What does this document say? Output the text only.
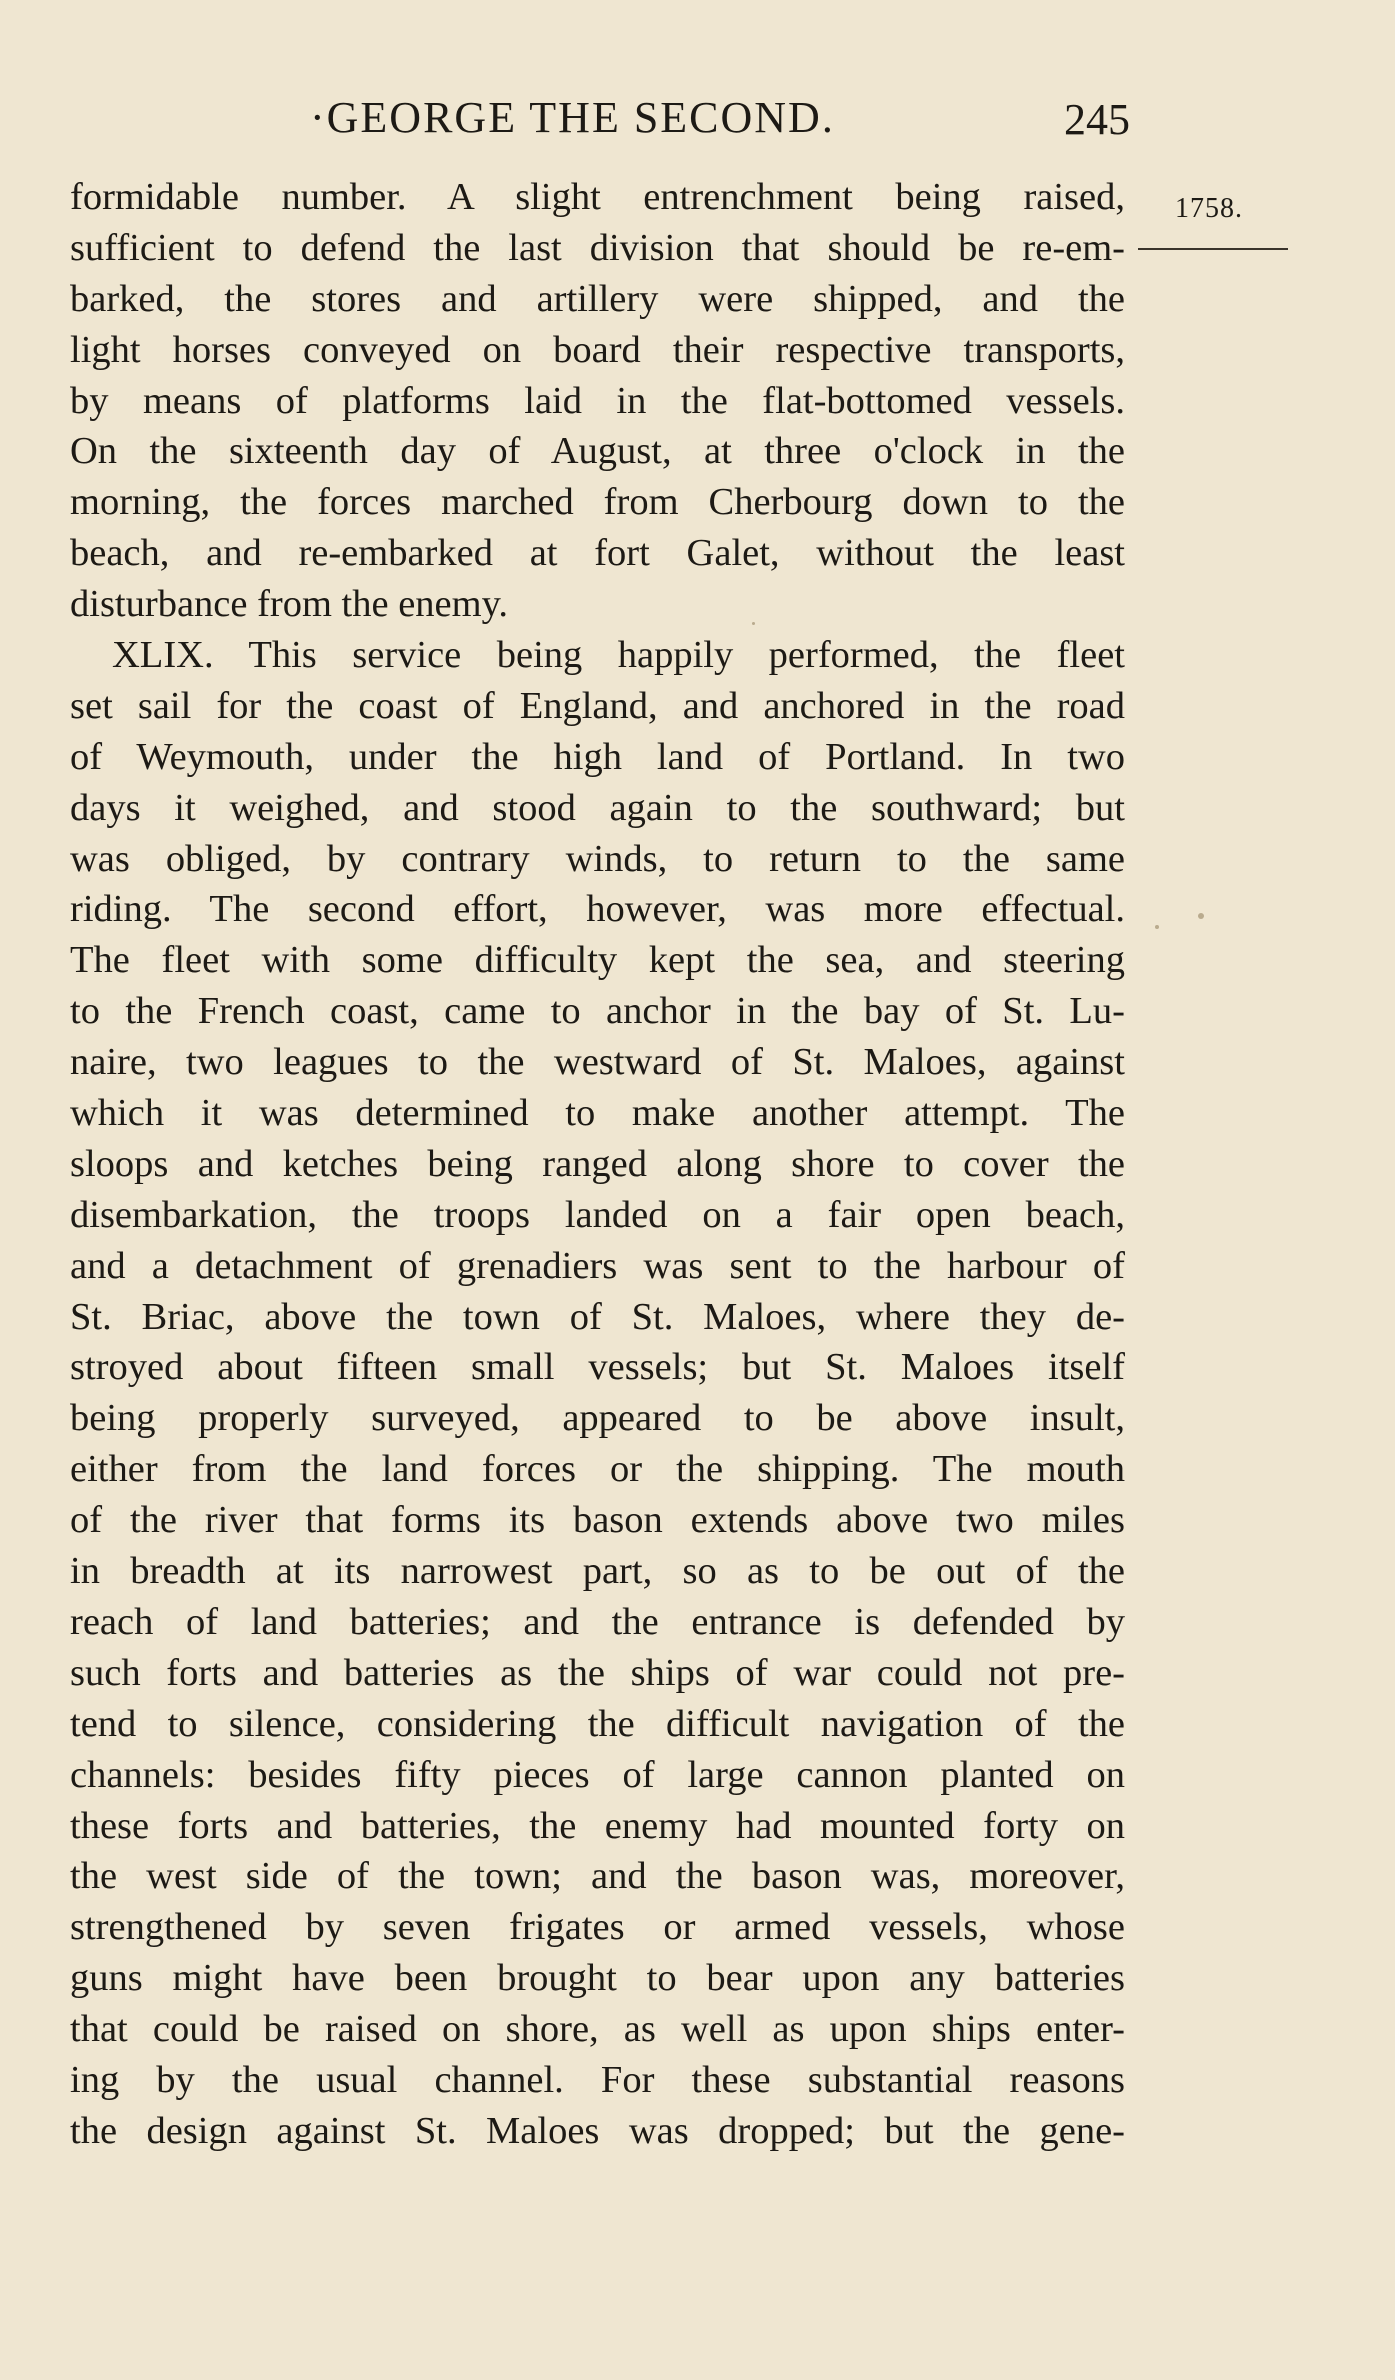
·GEORGE THE SECOND.	245
1758.
formidable number. A slight entrenchment being raised,
sufficient to defend the last division that should be re-em-
barked, the stores and artillery were shipped, and the
light horses conveyed on board their respective transports,
by means of platforms laid in the flat-bottomed vessels.
On the sixteenth day of August, at three o'clock in the
morning, the forces marched from Cherbourg down to the
beach, and re-embarked at fort Galet, without the least
disturbance from the enemy.
XLIX. This service being happily performed, the fleet
set sail for the coast of England, and anchored in the road
of Weymouth, under the high land of Portland. In two
days it weighed, and stood again to the southward; but
was obliged, by contrary winds, to return to the same
riding. The second effort, however, was more effectual.
The fleet with some difficulty kept the sea, and steering
to the French coast, came to anchor in the bay of St. Lu-
naire, two leagues to the westward of St. Maloes, against
which it was determined to make another attempt. The
sloops and ketches being ranged along shore to cover the
disembarkation, the troops landed on a fair open beach,
and a detachment of grenadiers was sent to the harbour of
St. Briac, above the town of St. Maloes, where they de-
stroyed about fifteen small vessels; but St. Maloes itself
being properly surveyed, appeared to be above insult,
either from the land forces or the shipping. The mouth
of the river that forms its bason extends above two miles
in breadth at its narrowest part, so as to be out of the
reach of land batteries; and the entrance is defended by
such forts and batteries as the ships of war could not pre-
tend to silence, considering the difficult navigation of the
channels: besides fifty pieces of large cannon planted on
these forts and batteries, the enemy had mounted forty on
the west side of the town; and the bason was, moreover,
strengthened by seven frigates or armed vessels, whose
guns might have been brought to bear upon any batteries
that could be raised on shore, as well as upon ships enter-
ing by the usual channel. For these substantial reasons
the design against St. Maloes was dropped; but the gene-
